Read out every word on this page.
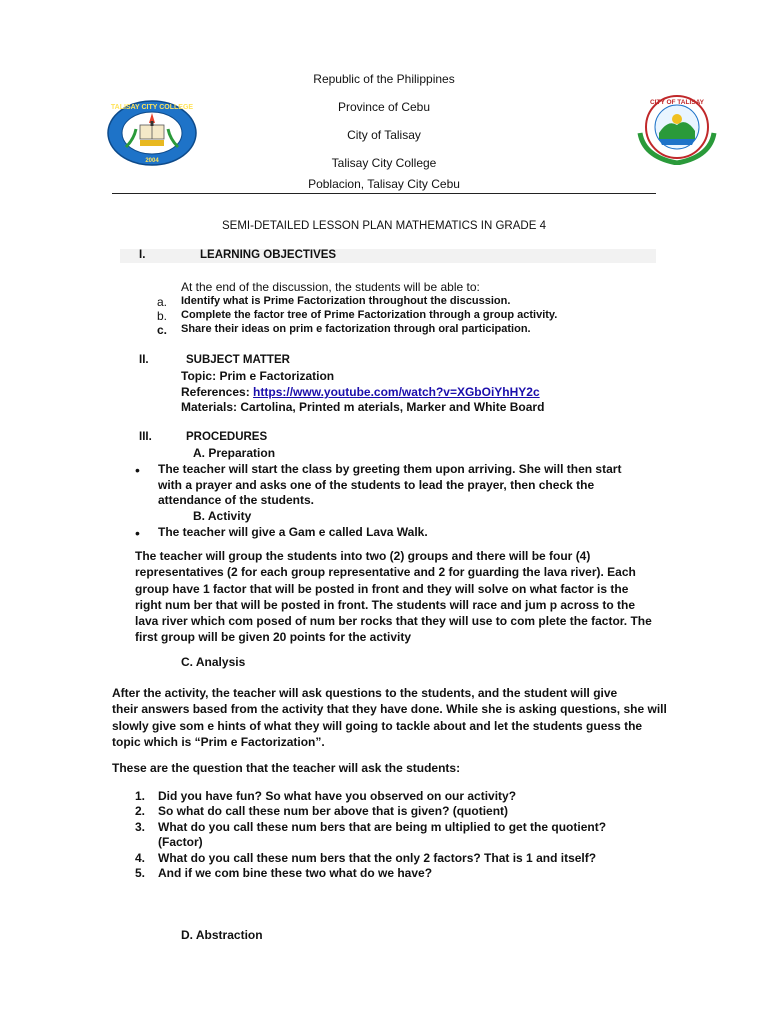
Republic of the Philippines
Province of Cebu
City of Talisay
Talisay City College
Poblacion, Talisay City Cebu
TALISAY CITY COLLEGE
2004
CITY OF TALISAY
SEMI-DETAILED LESSON PLAN MATHEMATICS IN GRADE 4
I.	LEARNING OBJECTIVES
At the end of the discussion, the students will be able to:
a. Identify what is Prime Factorization throughout the discussion.
b. Complete the factor tree of Prime Factorization through a group activity.
c. Share their ideas on prim e factorization through oral participation.
II.	SUBJECT MATTER
Topic: Prim e Factorization
References: https://www.youtube.com/watch?v=XGbOiYhHY2c
Materials: Cartolina, Printed m aterials, Marker and White Board
III.	PROCEDURES
A. Preparation
• The teacher will start the class by greeting them upon arriving. She will then start
with a prayer and asks one of the students to lead the prayer, then check the
attendance of the students.
B. Activity
• The teacher will give a Gam e called Lava Walk.

The teacher will group the students into two (2) groups and there will be four (4)

representatives (2 for each group representative and 2 for guarding the lava river). Each

group have 1 factor that will be posted in front and they will solve on what factor is the

right num ber that will be posted in front. The students will race and jum p across to the

lava river which com posed of num ber rocks that they will use to com plete the factor. The

first group will be given 20 points for the activity

C. Analysis

After the activity, the teacher will ask questions to the students, and the student will give

their answers based from the activity that they have done. While she is asking questions, she will

slowly give som e hints of what they will going to tackle about and let the students guess the

topic which is “Prim e Factorization”.

These are the question that the teacher will ask the students:
1. Did you have fun? So what have you observed on our activity?
2. So what do call these num ber above that is given? (quotient)
3. What do you call these num bers that are being m ultiplied to get the quotient?
(Factor)
4. What do you call these num bers that the only 2 factors? That is 1 and itself?
5. And if we com bine these two what do we have?
D. Abstraction
